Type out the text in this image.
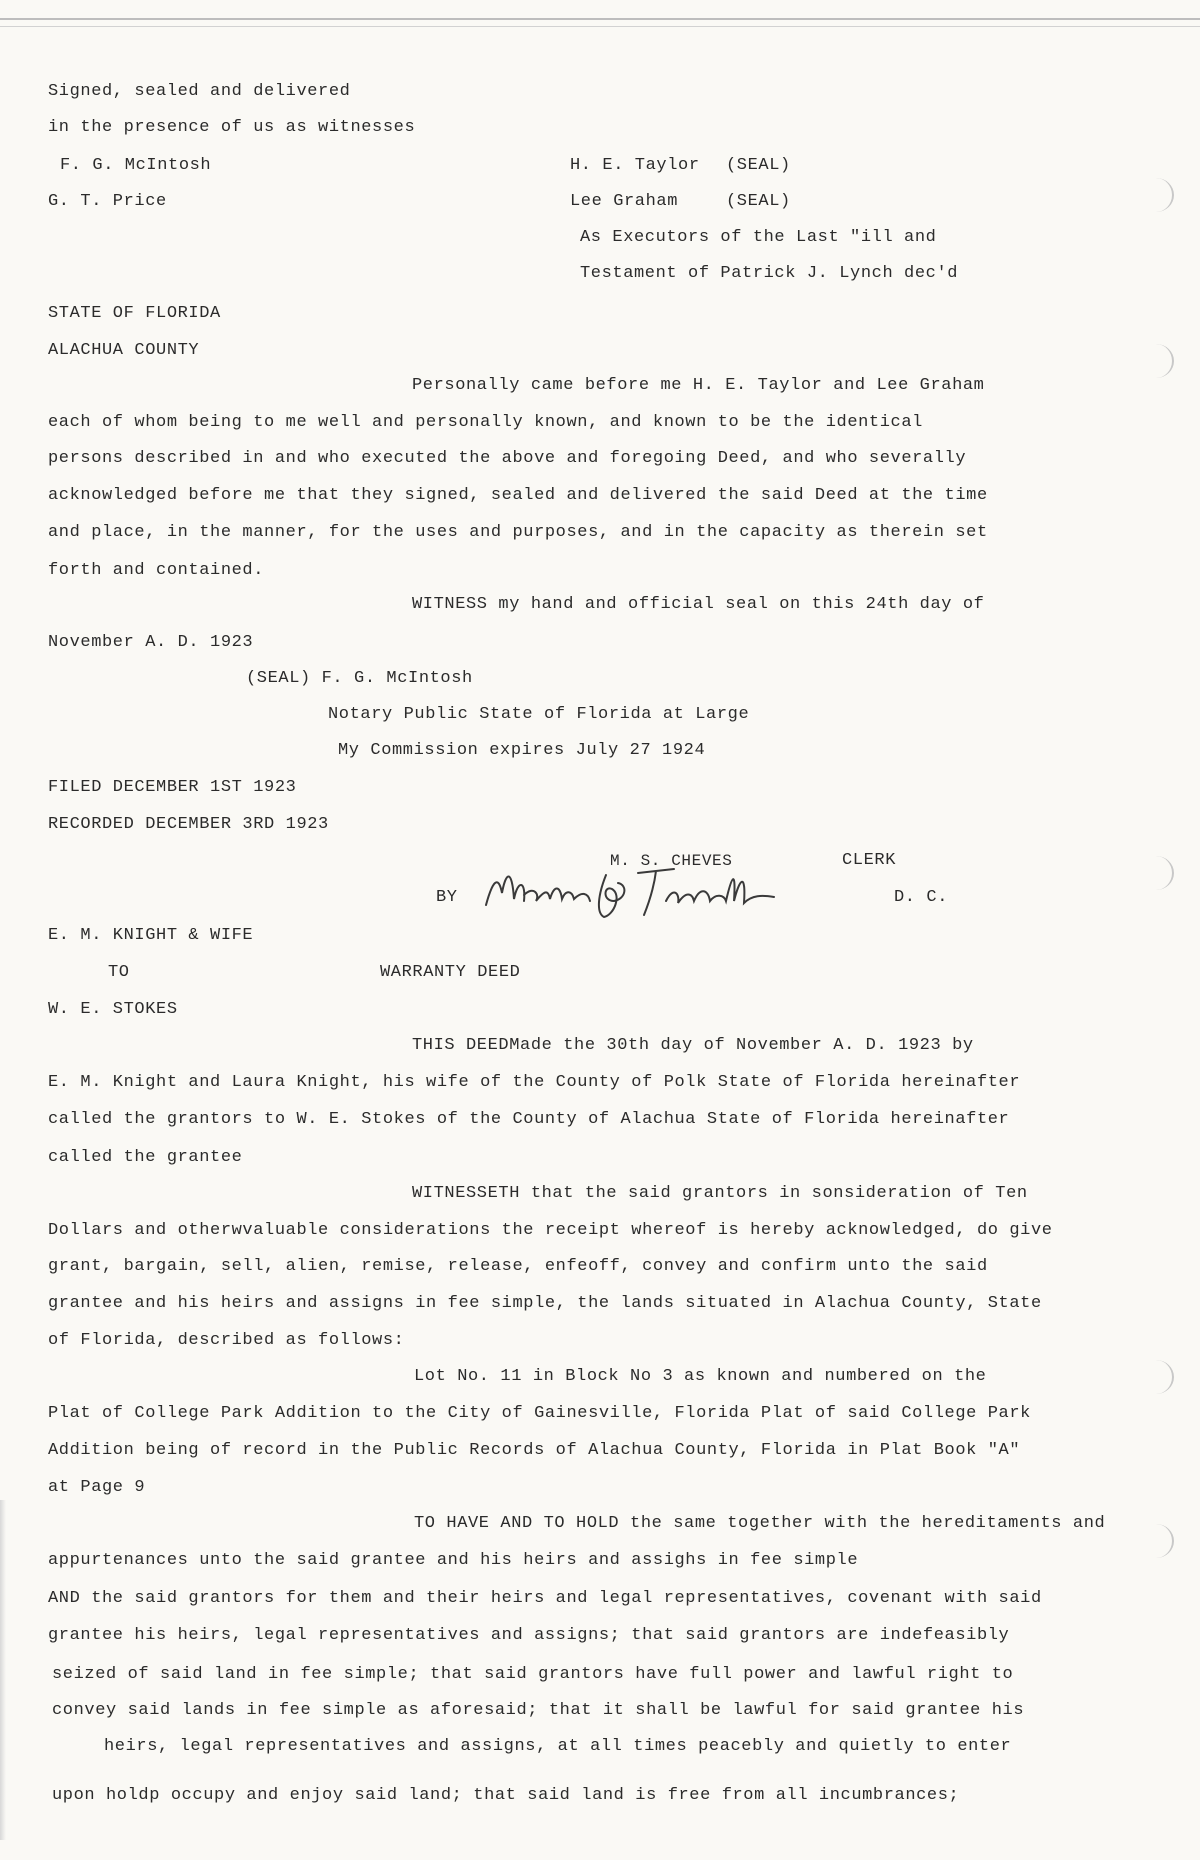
Signed, sealed and delivered
in the presence of us as witnesses
F. G. McIntosh
G. T. Price
H. E. Taylor (SEAL)
Lee Graham	(SEAL)
As Executors of the Last "ill and
Testament of Patrick J. Lynch dec'd
STATE OF FLORIDA
ALACHUA COUNTY
Personally came before me H. E. Taylor and Lee Graham
each of whom being to me well and personally known, and known to be the identical
persons described in and who executed the above and foregoing Deed, and who severally
acknowledged before me that they signed, sealed and delivered the said Deed at the time
and place, in the manner, for the uses and purposes, and in the capacity as therein set
forth and contained.
WITNESS my hand and official seal on this 24th day of
November A. D. 1923
(SEAL) F. G. McIntosh
Notary Public State of Florida at Large
My Commission expires July 27 1924
FILED DECEMBER 1ST 1923
RECORDED DECEMBER 3RD 1923
M. S. CHEVES	CLERK
BY	D. C.
Mattie B Terrell
E. M. KNIGHT & WIFE
TO	WARRANTY DEED
W. E. STOKES
THIS DEEDMade the 30th day of November A. D. 1923 by
E. M. Knight and Laura Knight, his wife of the County of Polk State of Florida hereinafter
called the grantors to W. E. Stokes of the County of Alachua State of Florida hereinafter
called the grantee
WITNESSETH that the said grantors in sonsideration of Ten
Dollars and otherwvaluable considerations the receipt whereof is hereby acknowledged, do give
grant, bargain, sell, alien, remise, release, enfeoff, convey and confirm unto the said
grantee and his heirs and assigns in fee simple, the lands situated in Alachua County, State
of Florida, described as follows:
Lot No. 11 in Block No 3 as known and numbered on the
Plat of College Park Addition to the City of Gainesville, Florida Plat of said College Park
Addition being of record in the Public Records of Alachua County, Florida in Plat Book "A"
at Page 9
TO HAVE AND TO HOLD the same together with the hereditaments and
appurtenances unto the said grantee and his heirs and assighs in fee simple
AND the said grantors for them and their heirs and legal representatives, covenant with said
grantee his heirs, legal representatives and assigns; that said grantors are indefeasibly
seized of said land in fee simple; that said grantors have full power and lawful right to
convey said lands in fee simple as aforesaid; that it shall be lawful for said grantee his
heirs, legal representatives and assigns, at all times peacebly and quietly to enter
upon holdp occupy and enjoy said land; that said land is free from all incumbrances;
